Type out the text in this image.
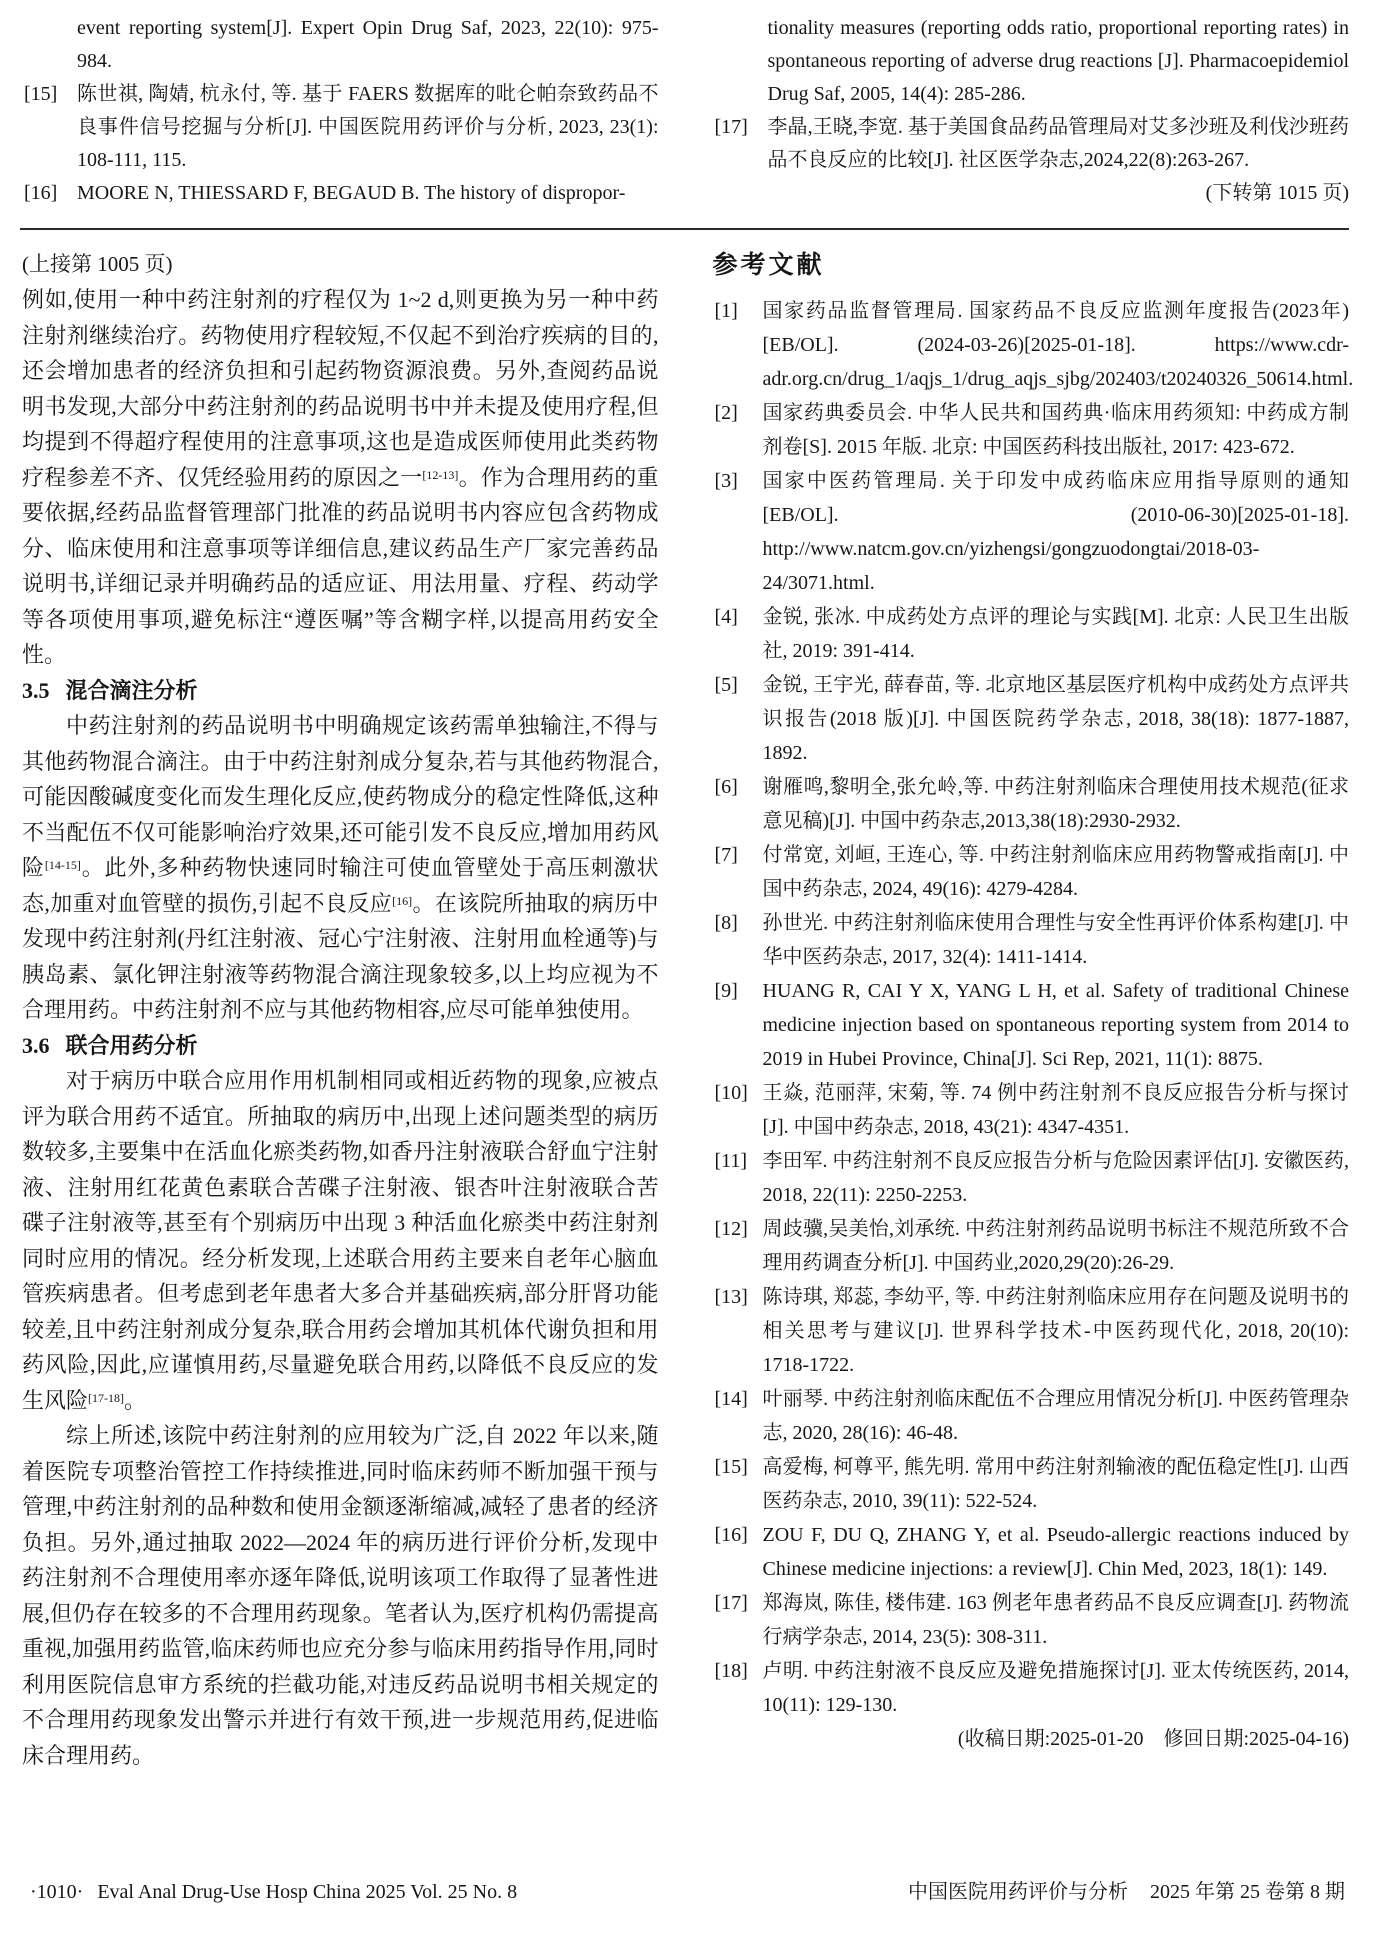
event reporting system[J]. Expert Opin Drug Saf, 2023, 22(10): 975-984.
[15] 陈世祺, 陶婧, 杭永付, 等. 基于 FAERS 数据库的吡仑帕奈致药品不良事件信号挖掘与分析[J]. 中国医院用药评价与分析, 2023, 23(1): 108-111, 115.
[16] MOORE N, THIESSARD F, BEGAUD B. The history of dispropor-
tionality measures (reporting odds ratio, proportional reporting rates) in spontaneous reporting of adverse drug reactions [J]. Pharmacoepidemiol Drug Saf, 2005, 14(4): 285-286.
[17] 李晶,王晓,李宽. 基于美国食品药品管理局对艾多沙班及利伐沙班药品不良反应的比较[J]. 社区医学杂志,2024,22(8):263-267.
(下转第 1015 页)
(上接第 1005 页)

例如,使用一种中药注射剂的疗程仅为 1~2 d,则更换为另一种中药注射剂继续治疗。药物使用疗程较短,不仅起不到治疗疾病的目的,还会增加患者的经济负担和引起药物资源浪费。另外,查阅药品说明书发现,大部分中药注射剂的药品说明书中并未提及使用疗程,但均提到不得超疗程使用的注意事项,这也是造成医师使用此类药物疗程参差不齐、仅凭经验用药的原因之一[12-13]。作为合理用药的重要依据,经药品监督管理部门批准的药品说明书内容应包含药物成分、临床使用和注意事项等详细信息,建议药品生产厂家完善药品说明书,详细记录并明确药品的适应证、用法用量、疗程、药动学等各项使用事项,避免标注“遵医嘱”等含糊字样,以提高用药安全性。

3.5 混合滴注分析

中药注射剂的药品说明书中明确规定该药需单独输注,不得与其他药物混合滴注。由于中药注射剂成分复杂,若与其他药物混合,可能因酸碱度变化而发生理化反应,使药物成分的稳定性降低,这种不当配伍不仅可能影响治疗效果,还可能引发不良反应,增加用药风险[14-15]。此外,多种药物快速同时输注可使血管壁处于高压刺激状态,加重对血管壁的损伤,引起不良反应[16]。在该院所抽取的病历中发现中药注射剂(丹红注射液、冠心宁注射液、注射用血栓通等)与胰岛素、氯化钾注射液等药物混合滴注现象较多,以上均应视为不合理用药。中药注射剂不应与其他药物相容,应尽可能单独使用。

3.6 联合用药分析

对于病历中联合应用作用机制相同或相近药物的现象,应被点评为联合用药不适宜。所抽取的病历中,出现上述问题类型的病历数较多,主要集中在活血化瘀类药物,如香丹注射液联合舒血宁注射液、注射用红花黄色素联合苦碟子注射液、银杏叶注射液联合苦碟子注射液等,甚至有个别病历中出现 3 种活血化瘀类中药注射剂同时应用的情况。经分析发现,上述联合用药主要来自老年心脑血管疾病患者。但考虑到老年患者大多合并基础疾病,部分肝肾功能较差,且中药注射剂成分复杂,联合用药会增加其机体代谢负担和用药风险,因此,应谨慎用药,尽量避免联合用药,以降低不良反应的发生风险[17-18]。

综上所述,该院中药注射剂的应用较为广泛,自 2022 年以来,随着医院专项整治管控工作持续推进,同时临床药师不断加强干预与管理,中药注射剂的品种数和使用金额逐渐缩减,减轻了患者的经济负担。另外,通过抽取 2022—2024 年的病历进行评价分析,发现中药注射剂不合理使用率亦逐年降低,说明该项工作取得了显著性进展,但仍存在较多的不合理用药现象。笔者认为,医疗机构仍需提高重视,加强用药监管,临床药师也应充分参与临床用药指导作用,同时利用医院信息审方系统的拦截功能,对违反药品说明书相关规定的不合理用药现象发出警示并进行有效干预,进一步规范用药,促进临床合理用药。

参考文献
[1] 国家药品监督管理局. 国家药品不良反应监测年度报告(2023年)[EB/OL]. (2024-03-26)[2025-01-18]. https://www.cdr-adr.org.cn/drug_1/aqjs_1/drug_aqjs_sjbg/202403/t20240326_50614.html.
[2] 国家药典委员会. 中华人民共和国药典·临床用药须知: 中药成方制剂卷[S]. 2015 年版. 北京: 中国医药科技出版社, 2017: 423-672.
[3] 国家中医药管理局. 关于印发中成药临床应用指导原则的通知[EB/OL]. (2010-06-30)[2025-01-18]. http://www.natcm.gov.cn/yizhengsi/gongzuodongtai/2018-03-24/3071.html.
[4] 金锐, 张冰. 中成药处方点评的理论与实践[M]. 北京: 人民卫生出版社, 2019: 391-414.
[5] 金锐, 王宇光, 薛春苗, 等. 北京地区基层医疗机构中成药处方点评共识报告(2018 版)[J]. 中国医院药学杂志, 2018, 38(18): 1877-1887, 1892.
[6] 谢雁鸣,黎明全,张允岭,等. 中药注射剂临床合理使用技术规范(征求意见稿)[J]. 中国中药杂志,2013,38(18):2930-2932.
[7] 付常宽, 刘峘, 王连心, 等. 中药注射剂临床应用药物警戒指南[J]. 中国中药杂志, 2024, 49(16): 4279-4284.
[8] 孙世光. 中药注射剂临床使用合理性与安全性再评价体系构建[J]. 中华中医药杂志, 2017, 32(4): 1411-1414.
[9] HUANG R, CAI Y X, YANG L H, et al. Safety of traditional Chinese medicine injection based on spontaneous reporting system from 2014 to 2019 in Hubei Province, China[J]. Sci Rep, 2021, 11(1): 8875.
[10] 王焱, 范丽萍, 宋菊, 等. 74 例中药注射剂不良反应报告分析与探讨[J]. 中国中药杂志, 2018, 43(21): 4347-4351.
[11] 李田军. 中药注射剂不良反应报告分析与危险因素评估[J]. 安徽医药, 2018, 22(11): 2250-2253.
[12] 周歧骥,吴美怡,刘承统. 中药注射剂药品说明书标注不规范所致不合理用药调查分析[J]. 中国药业,2020,29(20):26-29.
[13] 陈诗琪, 郑蕊, 李幼平, 等. 中药注射剂临床应用存在问题及说明书的相关思考与建议[J]. 世界科学技术-中医药现代化, 2018, 20(10): 1718-1722.
[14] 叶丽琴. 中药注射剂临床配伍不合理应用情况分析[J]. 中医药管理杂志, 2020, 28(16): 46-48.
[15] 高爱梅, 柯尊平, 熊先明. 常用中药注射剂输液的配伍稳定性[J]. 山西医药杂志, 2010, 39(11): 522-524.
[16] ZOU F, DU Q, ZHANG Y, et al. Pseudo-allergic reactions induced by Chinese medicine injections: a review[J]. Chin Med, 2023, 18(1): 149.
[17] 郑海岚, 陈佳, 楼伟建. 163 例老年患者药品不良反应调查[J]. 药物流行病学杂志, 2014, 23(5): 308-311.
[18] 卢明. 中药注射液不良反应及避免措施探讨[J]. 亚太传统医药, 2014, 10(11): 129-130.
(收稿日期:2025-01-20　修回日期:2025-04-16)
·1010· Eval Anal Drug-Use Hosp China 2025 Vol. 25 No. 8	中国医院用药评价与分析 2025 年第 25 卷第 8 期
